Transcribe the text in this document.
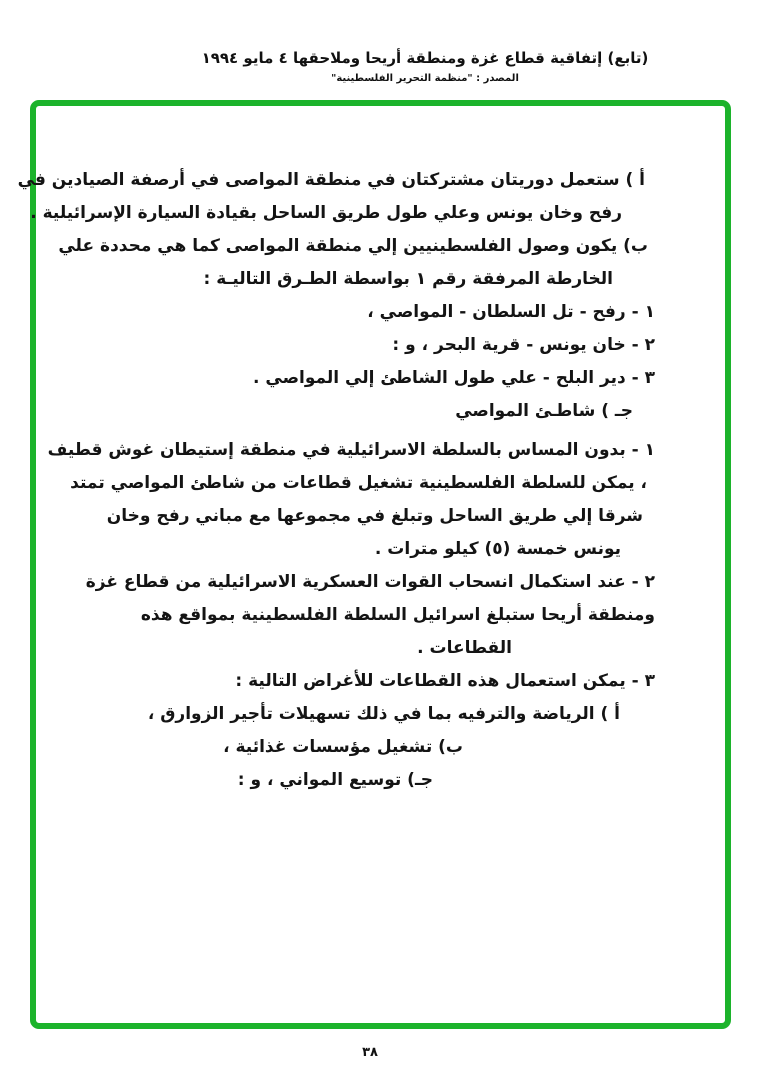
(تابع) إتفاقية قطاع غزة ومنطقة أريحا وملاحقها ٤ مايو ١٩٩٤
المصدر : "منظمة التحرير الفلسطينية"
أ ) ستعمل دوريتان مشتركتان في منطقة المواصى في أرصفة الصيادين في
رفح وخان يونس وعلي طول طريق الساحل بقيادة السيارة الإسرائيلية .
ب) يكون وصول الفلسطينيين إلي منطقة المواصى كما هي محددة علي
الخارطة المرفقة رقم ١ بواسطة الطـرق التاليـة :
١ - رفح - تل السلطان - المواصي ،
٢ - خان يونس - قرية البحر ، و :
٣ - دير البلح - علي طول الشاطئ إلي المواصي .
جـ ) شاطـئ المواصي
١ - بدون المساس بالسلطة الاسرائيلية في منطقة إستيطان غوش قطيف
، يمكن للسلطة الفلسطينية تشغيل قطاعات من شاطئ المواصي تمتد
شرقا إلي طريق الساحل وتبلغ في مجموعها مع مباني رفح وخان
يونس خمسة (٥) كيلو مترات .
٢ - عند استكمال انسحاب القوات العسكرية الاسرائيلية من قطاع غزة
ومنطقة أريحا ستبلغ اسرائيل السلطة الفلسطينية بمواقع هذه
القطاعات .
٣ - يمكن استعمال هذه القطاعات للأغراض التالية :
أ ) الرياضة والترفيه بما في ذلك تسهيلات تأجير الزوارق ،
ب) تشغيل مؤسسات غذائية ،
جـ) توسيع المواني ، و :
٣٨
